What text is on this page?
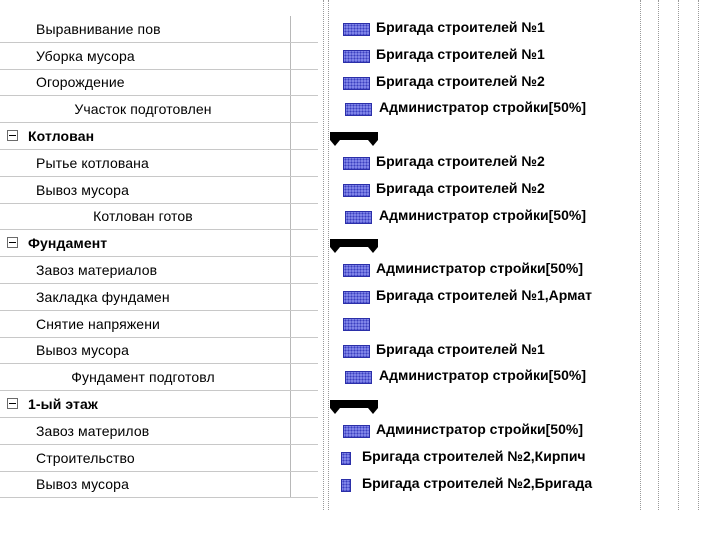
Выравнивание пов
Уборка мусора
Огорождение
Участок подготовлен
Котлован
Рытье котлована
Вывоз мусора
Котлован готов
Фундамент
Завоз материалов
Закладка фундамен
Снятие напряжени
Вывоз мусора
Фундамент подготовл
1-ый этаж
Завоз материлов
Строительство
Вывоз мусора
Бригада строителей №1
Бригада строителей №1
Бригада строителей №2
Администратор стройки[50%]
Бригада строителей №2
Бригада строителей №2
Администратор стройки[50%]
Администратор стройки[50%]
Бригада строителей №1,Армат
Бригада строителей №1
Администратор стройки[50%]
Администратор стройки[50%]
Бригада строителей №2,Кирпич
Бригада строителей №2,Бригада
